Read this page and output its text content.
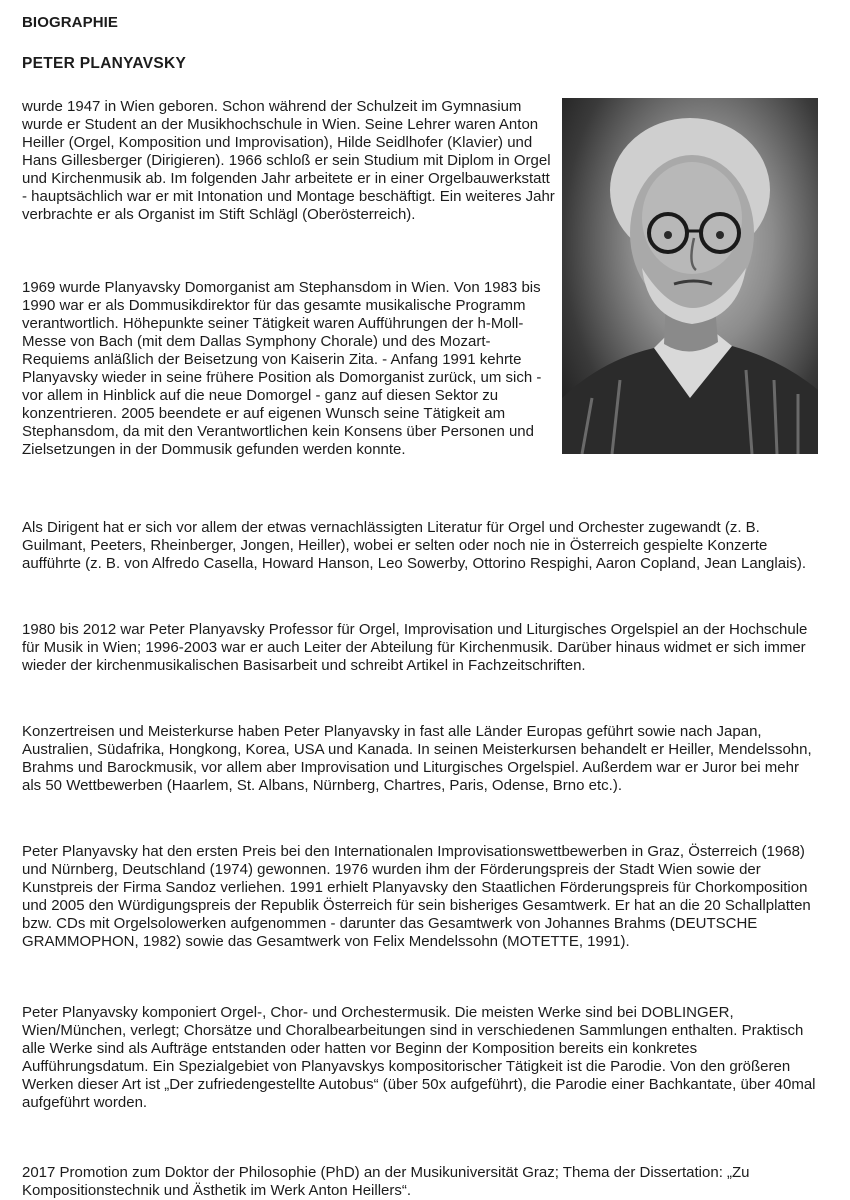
BIOGRAPHIE
PETER PLANYAVSKY

wurde 1947 in Wien geboren. Schon während der Schulzeit im Gymnasium wurde er Student an der Musikhochschule in Wien. Seine Lehrer waren Anton Heiller (Orgel, Komposition und Improvisation), Hilde Seidlhofer (Klavier) und Hans Gillesberger (Dirigieren). 1966 schloß er sein Studium mit Diplom in Orgel und Kirchenmusik ab. Im folgenden Jahr arbeitete er in einer Orgelbauwerkstatt - hauptsächlich war er mit Intonation und Montage beschäftigt. Ein weiteres Jahr verbrachte er als Organist im Stift Schlägl (Oberösterreich).

1969 wurde Planyavsky Domorganist am Stephansdom in Wien. Von 1983 bis 1990 war er als Dommusikdirektor für das gesamte musikalische Programm verantwortlich. Höhepunkte seiner Tätigkeit waren Aufführungen der h-Moll-Messe von Bach (mit dem Dallas Symphony Chorale) und des Mozart-Requiems anläßlich der Beisetzung von Kaiserin Zita. - Anfang 1991 kehrte Planyavsky wieder in seine frühere Position als Domorganist zurück, um sich - vor allem in Hinblick auf die neue Domorgel - ganz auf diesen Sektor zu konzentrieren. 2005 beendete er auf eigenen Wunsch seine Tätigkeit am Stephansdom, da mit den Verantwortlichen kein Konsens über Personen und Zielsetzungen in der Dommusik gefunden werden konnte.

Als Dirigent hat er sich vor allem der etwas vernachlässigten Literatur für Orgel und Orchester zugewandt (z. B. Guilmant, Peeters, Rheinberger, Jongen, Heiller), wobei er selten oder noch nie in Österreich gespielte Konzerte aufführte (z. B. von Alfredo Casella, Howard Hanson, Leo Sowerby, Ottorino Respighi, Aaron Copland, Jean Langlais).

1980 bis 2012 war Peter Planyavsky Professor für Orgel, Improvisation und Liturgisches Orgelspiel an der Hochschule für Musik in Wien; 1996-2003 war er auch Leiter der Abteilung für Kirchenmusik. Darüber hinaus widmet er sich immer wieder der kirchenmusikalischen Basisarbeit und schreibt Artikel in Fachzeitschriften.

Konzertreisen und Meisterkurse haben Peter Planyavsky in fast alle Länder Europas geführt sowie nach Japan, Australien, Südafrika, Hongkong, Korea, USA und Kanada. In seinen Meisterkursen behandelt er Heiller, Mendelssohn, Brahms und Barockmusik, vor allem aber Improvisation und Liturgisches Orgelspiel. Außerdem war er Juror bei mehr als 50 Wettbewerben (Haarlem, St. Albans, Nürnberg, Chartres, Paris, Odense, Brno etc.).

Peter Planyavsky hat den ersten Preis bei den Internationalen Improvisationswettbewerben in Graz, Österreich (1968) und Nürnberg, Deutschland (1974) gewonnen. 1976 wurden ihm der Förderungspreis der Stadt Wien sowie der Kunstpreis der Firma Sandoz verliehen. 1991 erhielt Planyavsky den Staatlichen Förderungspreis für Chorkomposition und 2005 den Würdigungspreis der Republik Österreich für sein bisheriges Gesamtwerk. Er hat an die 20 Schallplatten bzw. CDs mit Orgelsolowerken aufgenommen - darunter das Gesamtwerk von Johannes Brahms (DEUTSCHE GRAMMOPHON, 1982) sowie das Gesamtwerk von Felix Mendelssohn (MOTETTE, 1991).

Peter Planyavsky komponiert Orgel-, Chor- und Orchestermusik. Die meisten Werke sind bei DOBLINGER, Wien/München, verlegt; Chorsätze und Choralbearbeitungen sind in verschiedenen Sammlungen enthalten. Praktisch alle Werke sind als Aufträge entstanden oder hatten vor Beginn der Komposition bereits ein konkretes Aufführungsdatum. Ein Spezialgebiet von Planyavskys kompositorischer Tätigkeit ist die Parodie. Von den größeren Werken dieser Art ist „Der zufriedengestellte Autobus“ (über 50x aufgeführt), die Parodie einer Bachkantate, über 40mal aufgeführt worden.

2017 Promotion zum Doktor der Philosophie (PhD) an der Musikuniversität Graz; Thema der Dissertation: „Zu Kompositionstechnik und Ästhetik im Werk Anton Heillers“.
